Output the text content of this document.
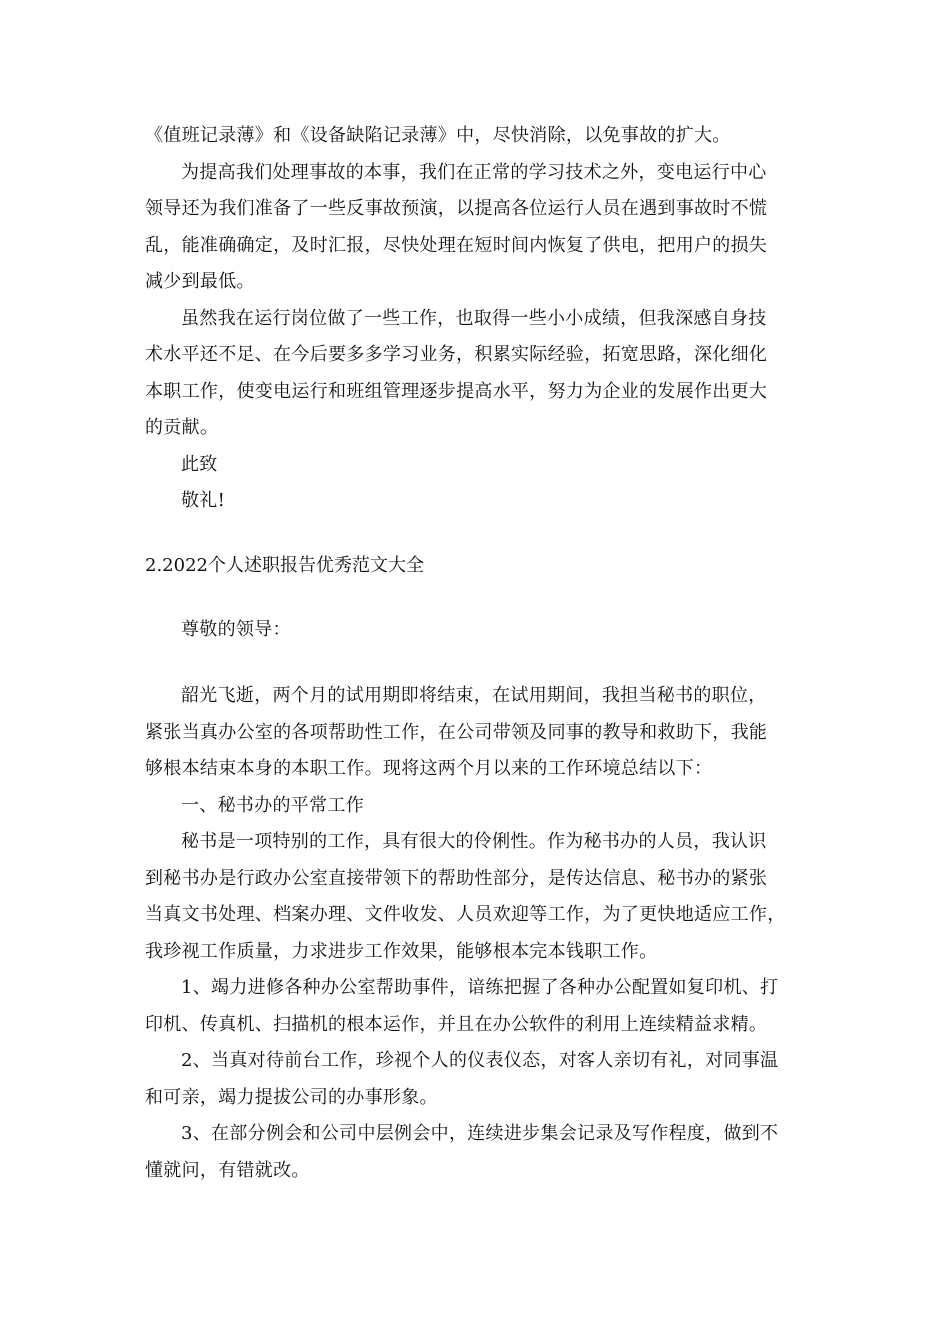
《值班记录薄》和《设备缺陷记录薄》中，尽快消除，以免事故的扩大。
为提高我们处理事故的本事，我们在正常的学习技术之外，变电运行中心
领导还为我们准备了一些反事故预演，以提高各位运行人员在遇到事故时不慌
乱，能准确确定，及时汇报，尽快处理在短时间内恢复了供电，把用户的损失
减少到最低。
虽然我在运行岗位做了一些工作，也取得一些小小成绩，但我深感自身技
术水平还不足、在今后要多多学习业务，积累实际经验，拓宽思路，深化细化
本职工作，使变电运行和班组管理逐步提高水平，努力为企业的发展作出更大
的贡献。
此致
敬礼!
2.2022个人述职报告优秀范文大全
尊敬的领导：
韶光飞逝，两个月的试用期即将结束，在试用期间，我担当秘书的职位，
紧张当真办公室的各项帮助性工作，在公司带领及同事的教导和救助下，我能
够根本结束本身的本职工作。现将这两个月以来的工作环境总结以下：
一、秘书办的平常工作
秘书是一项特别的工作，具有很大的伶俐性。作为秘书办的人员，我认识
到秘书办是行政办公室直接带领下的帮助性部分，是传达信息、秘书办的紧张
当真文书处理、档案办理、文件收发、人员欢迎等工作，为了更快地适应工作，
我珍视工作质量，力求进步工作效果，能够根本完本钱职工作。
1、竭力进修各种办公室帮助事件，谙练把握了各种办公配置如复印机、打
印机、传真机、扫描机的根本运作，并且在办公软件的利用上连续精益求精。
2、当真对待前台工作，珍视个人的仪表仪态，对客人亲切有礼，对同事温
和可亲，竭力提拔公司的办事形象。
3、在部分例会和公司中层例会中，连续进步集会记录及写作程度，做到不
懂就问，有错就改。
